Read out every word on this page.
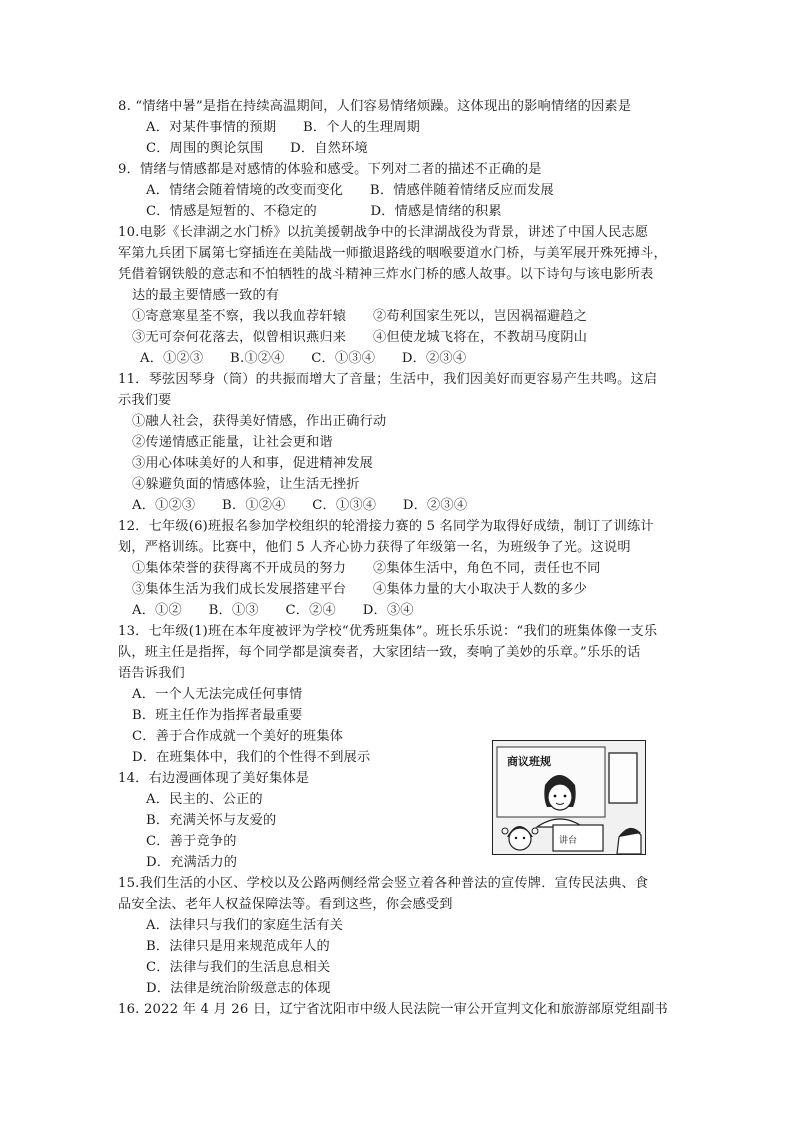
8. “情绪中暑”是指在持续高温期间，人们容易情绪烦躁。这体现出的影响情绪的因素是
A．对某件事情的预期　　B．个人的生理周期
C．周围的舆论氛围　　D．自然环境
9．情绪与情感都是对感情的体验和感受。下列对二者的描述不正确的是
A．情绪会随着情境的改变而变化　　B．情感伴随着情绪反应而发展
C．情感是短暂的、不稳定的　　　　D．情感是情绪的积累
10.电影《长津湖之水门桥》以抗美援朝战争中的长津湖战役为背景，讲述了中国人民志愿
军第九兵团下属第七穿插连在美陆战一师撤退路线的咽喉要道水门桥，与美军展开殊死搏斗，
凭借着钢铁般的意志和不怕牺牲的战斗精神三炸水门桥的感人故事。以下诗句与该电影所表
达的最主要情感一致的有
①寄意寒星荃不察，我以我血荐轩辕　　②苟利国家生死以，岂因祸福避趋之
③无可奈何花落去，似曾相识燕归来　　④但使龙城飞将在，不教胡马度阴山
A．①②③　　B.①②④　　C．①③④　　D．②③④
11．琴弦因琴身（筒）的共振而增大了音量；生活中，我们因美好而更容易产生共鸣。这启
示我们要
①融人社会，获得美好情感，作出正确行动
②传递情感正能量，让社会更和谐
③用心体味美好的人和事，促进精神发展
④躲避负面的情感体验，让生活无挫折
A．①②③　　B．①②④　　C．①③④　　D．②③④
12．七年级(6)班报名参加学校组织的轮滑接力赛的 5 名同学为取得好成绩，制订了训练计
划，严格训练。比赛中，他们 5 人齐心协力获得了年级第一名，为班级争了光。这说明
①集体荣誉的获得离不开成员的努力　　②集体生活中，角色不同，责任也不同
③集体生活为我们成长发展搭建平台　　④集体力量的大小取决于人数的多少
A．①②　　B．①③　　C．②④　　D．③④
13．七年级(1)班在本年度被评为学校“优秀班集体”。班长乐乐说：“我们的班集体像一支乐
队，班主任是指挥，每个同学都是演奏者，大家团结一致，奏响了美妙的乐章。”乐乐的话
语告诉我们
A．一个人无法完成任何事情
B．班主任作为指挥者最重要
C．善于合作成就一个美好的班集体
D．在班集体中，我们的个性得不到展示
14．右边漫画体现了美好集体是
A．民主的、公正的
B．充满关怀与友爱的
C．善于竞争的
D．充满活力的
商议班规
讲台
15.我们生活的小区、学校以及公路两侧经常会竖立着各种普法的宣传牌．宣传民法典、食
品安全法、老年人权益保障法等。看到这些，你会感受到
A．法律只与我们的家庭生活有关
B．法律只是用来规范成年人的
C．法律与我们的生活息息相关
D．法律是统治阶级意志的体现
16. 2022 年 4 月 26 日，辽宁省沈阳市中级人民法院一审公开宣判文化和旅游部原党组副书
